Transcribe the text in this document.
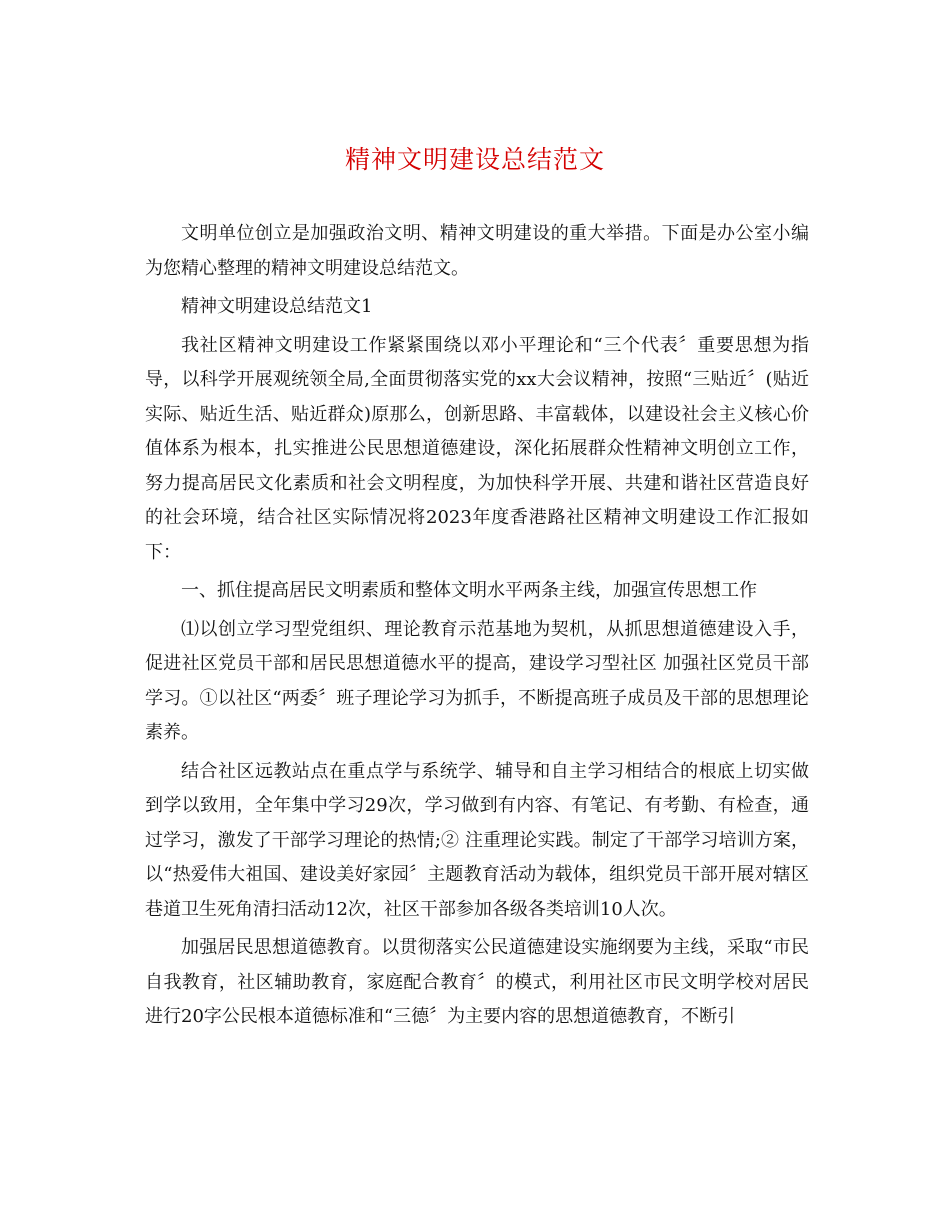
精神文明建设总结范文

文明单位创立是加强政治文明、精神文明建设的重大举措。下面是办公室小编为您精心整理的精神文明建设总结范文。

精神文明建设总结范文1

我社区精神文明建设工作紧紧围绕以邓小平理论和“三个代表〞重要思想为指导，以科学开展观统领全局,全面贯彻落实党的xx大会议精神，按照“三贴近〞(贴近实际、贴近生活、贴近群众)原那么，创新思路、丰富载体，以建设社会主义核心价值体系为根本，扎实推进公民思想道德建设，深化拓展群众性精神文明创立工作，努力提高居民文化素质和社会文明程度，为加快科学开展、共建和谐社区营造良好的社会环境，结合社区实际情况将2023年度香港路社区精神文明建设工作汇报如下：

一、抓住提高居民文明素质和整体文明水平两条主线，加强宣传思想工作

⑴以创立学习型党组织、理论教育示范基地为契机，从抓思想道德建设入手，促进社区党员干部和居民思想道德水平的提高，建设学习型社区 加强社区党员干部学习。①以社区“两委〞班子理论学习为抓手，不断提高班子成员及干部的思想理论素养。

结合社区远教站点在重点学与系统学、辅导和自主学习相结合的根底上切实做到学以致用，全年集中学习29次，学习做到有内容、有笔记、有考勤、有检查，通过学习，激发了干部学习理论的热情;② 注重理论实践。制定了干部学习培训方案，以“热爱伟大祖国、建设美好家园〞主题教育活动为载体，组织党员干部开展对辖区巷道卫生死角清扫活动12次，社区干部参加各级各类培训10人次。

加强居民思想道德教育。以贯彻落实公民道德建设实施纲要为主线，采取“市民自我教育，社区辅助教育，家庭配合教育〞的模式，利用社区市民文明学校对居民进行20字公民根本道德标准和“三德〞为主要内容的思想道德教育，不断引
